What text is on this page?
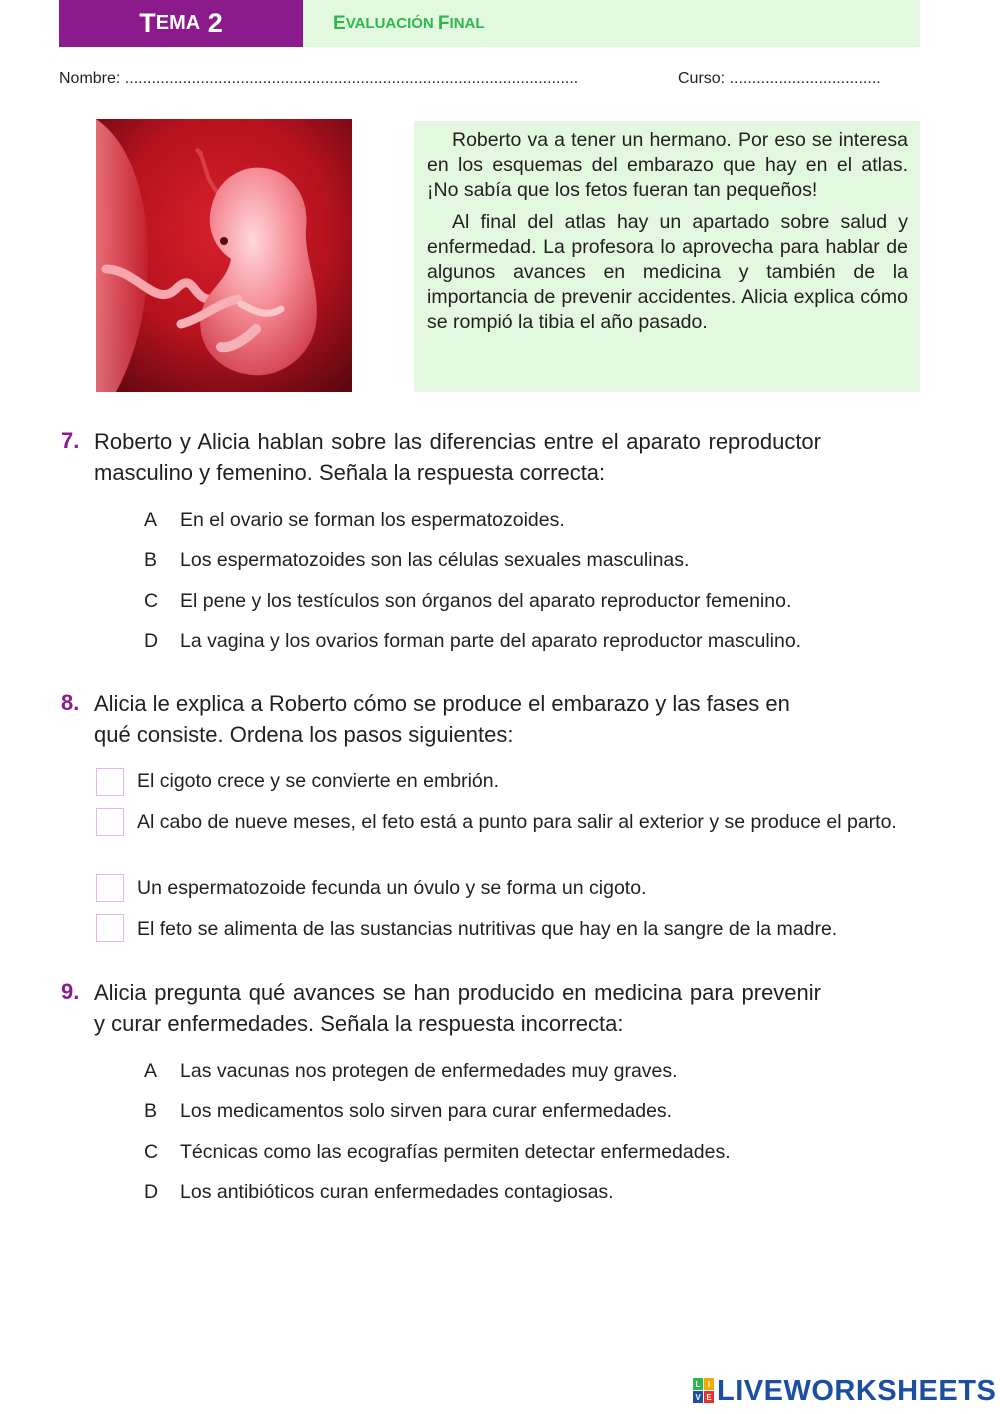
T EMA 2	E VALUACIÓN F INAL
Nombre: ......................................................................................................	Curso: ..................................

Roberto va a tener un hermano. Por eso se interesa en los esquemas del embarazo que hay en el atlas. ¡No sabía que los fetos fueran tan pequeños!

Al final del atlas hay un apartado sobre salud y enfermedad. La profesora lo aprovecha para hablar de algunos avances en medicina y también de la importancia de prevenir accidentes. Alicia explica cómo se rompió la tibia el año pasado.

7. Roberto y Alicia hablan sobre las diferencias entre el aparato reproductor masculino y femenino. Señala la respuesta correcta:
A En el ovario se forman los espermatozoides.
B Los espermatozoides son las células sexuales masculinas.
C El pene y los testículos son órganos del aparato reproductor femenino.
D La vagina y los ovarios forman parte del aparato reproductor masculino.
8. Alicia le explica a Roberto cómo se produce el embarazo y las fases en qué consiste. Ordena los pasos siguientes:
El cigoto crece y se convierte en embrión.
Al cabo de nueve meses, el feto está a punto para salir al exterior y se produce el parto.
Un espermatozoide fecunda un óvulo y se forma un cigoto.
El feto se alimenta de las sustancias nutritivas que hay en la sangre de la madre.
9. Alicia pregunta qué avances se han producido en medicina para prevenir y curar enfermedades. Señala la respuesta incorrecta:
A Las vacunas nos protegen de enfermedades muy graves.
B Los medicamentos solo sirven para curar enfermedades.
C Técnicas como las ecografías permiten detectar enfermedades.
D Los antibióticos curan enfermedades contagiosas.
L I
V E LIVEWORKSHEETS
